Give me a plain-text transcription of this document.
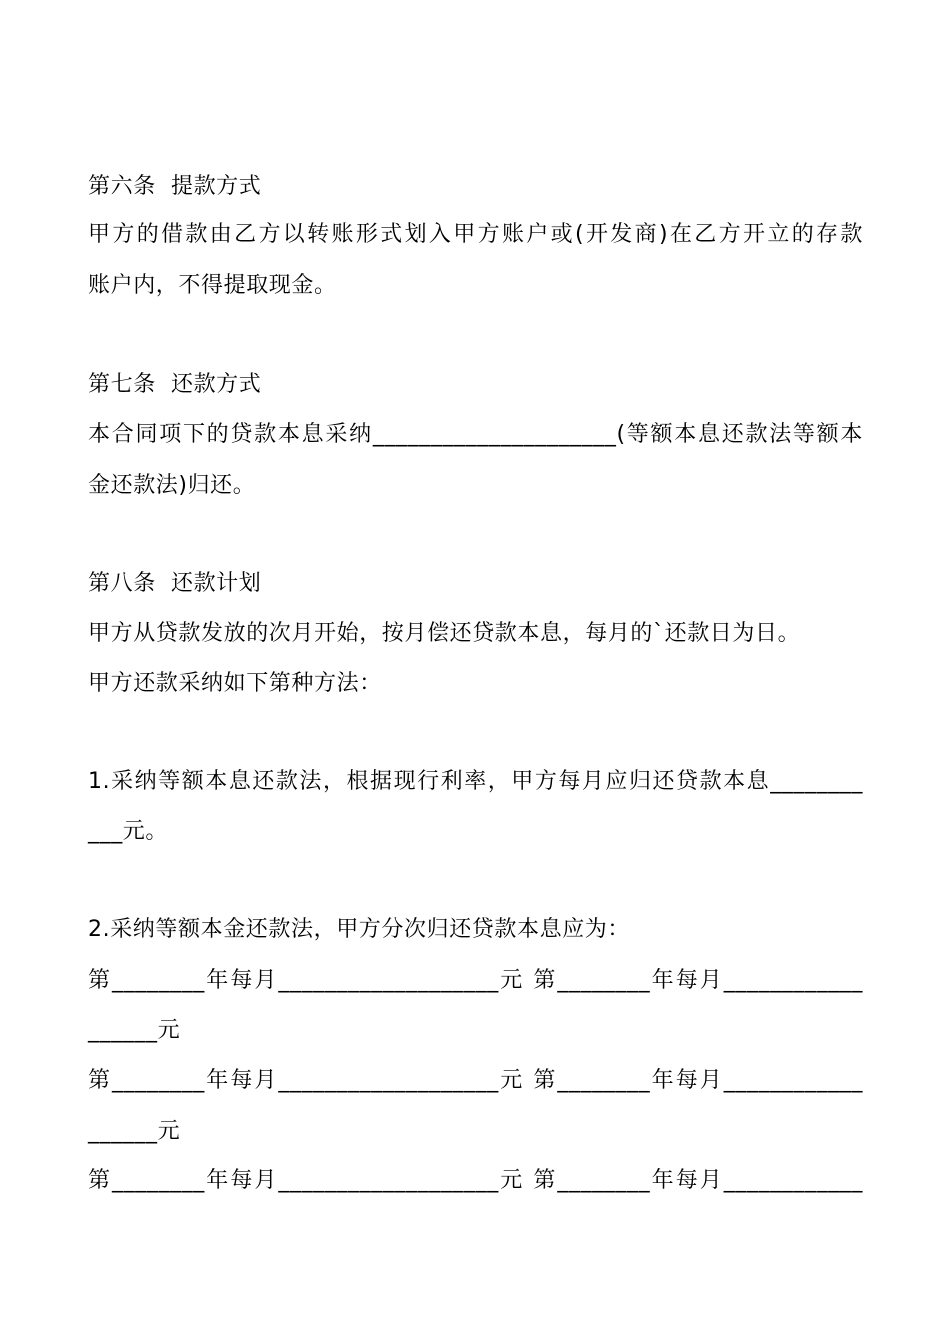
第六条  提款方式
甲方的借款由乙方以转账形式划入甲方账户或(开发商)在乙方开立的存款
账户内，不得提取现金。
第七条  还款方式
本合同项下的贷款本息采纳_____________________(等额本息还款法等额本
金还款法)归还。
第八条  还款计划
甲方从贷款发放的次月开始，按月偿还贷款本息，每月的`还款日为日。
甲方还款采纳如下第种方法：
1.采纳等额本息还款法，根据现行利率，甲方每月应归还贷款本息________
___元。
2.采纳等额本金还款法，甲方分次归还贷款本息应为：
第________年每月___________________元 第________年每月____________
______元
第________年每月___________________元 第________年每月____________
______元
第________年每月___________________元 第________年每月____________
